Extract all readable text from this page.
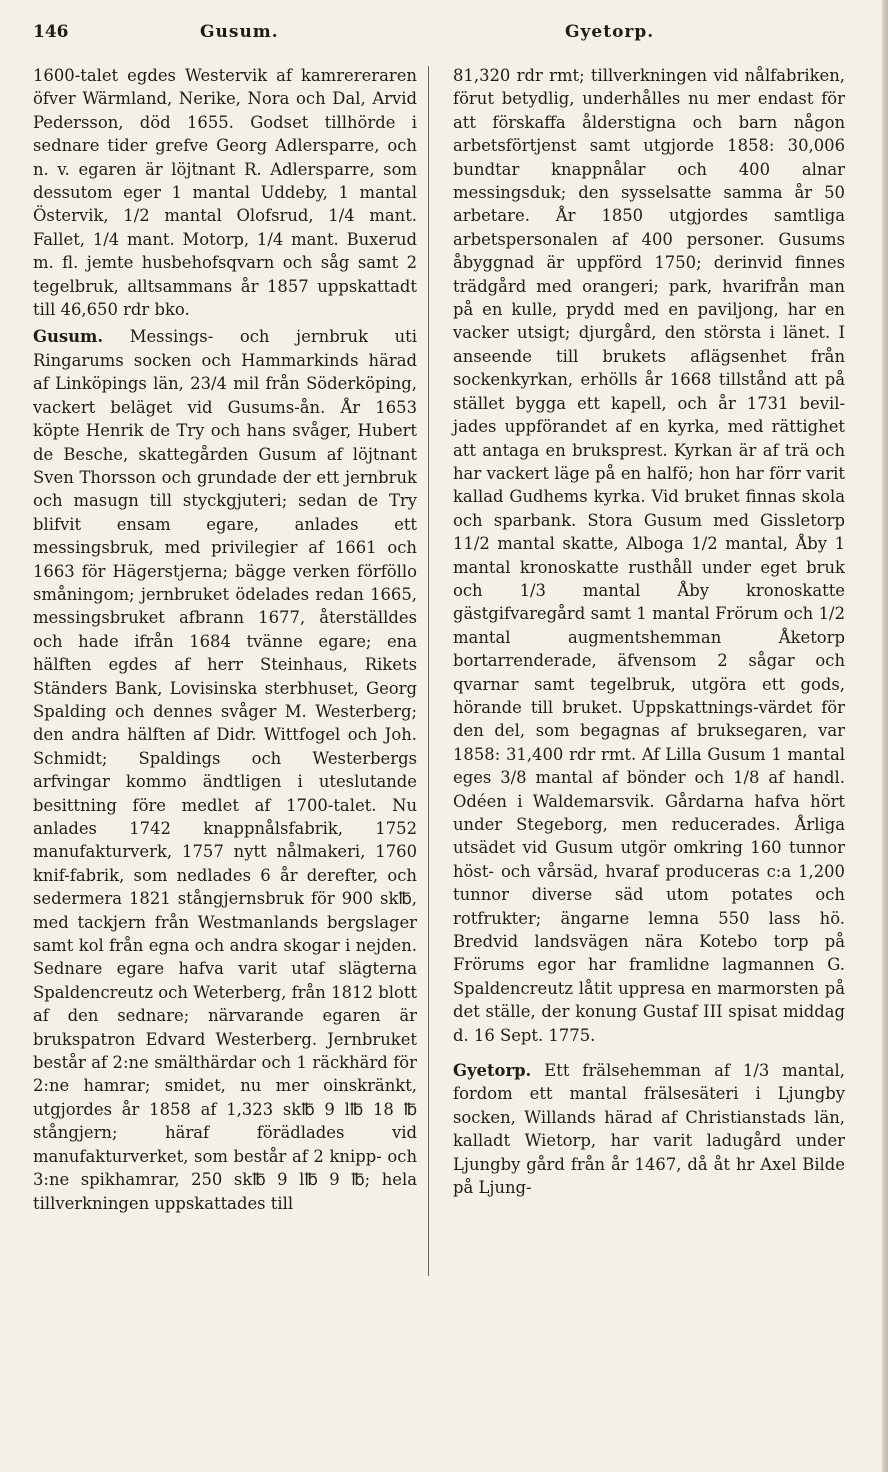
146	Gusum.	Gyetorp.

1600-talet egdes Westervik af kamrereraren öfver Wärmland, Nerike, Nora och Dal, Arvid Pedersson, död 1655. Godset tillhörde i sednare tider grefve Georg Adlersparre, och n. v. egaren är löjtnant R. Adlersparre, som dessutom eger 1 mantal Uddeby, 1 mantal Östervik, 1/2 mantal Olofsrud, 1/4 mant. Fallet, 1/4 mant. Motorp, 1/4 mant. Buxerud m. fl. jemte husbehofsqvarn och såg samt 2 tegelbruk, alltsammans år 1857 uppskattadt till 46,650 rdr bko.

Gusum. Messings- och jernbruk uti Ringarums socken och Hammarkinds härad af Linköpings län, 23/4 mil från Söderköping, vackert beläget vid Gusums-ån. År 1653 köpte Henrik de Try och hans svåger, Hubert de Besche, skattegården Gusum af löjtnant Sven Thorsson och grundade der ett jernbruk och masugn till styckgjuteri; sedan de Try blifvit ensam egare, anlades ett messingsbruk, med privilegier af 1661 och 1663 för Hägerstjerna; bägge verken förföllo småningom; jernbruket ödelades redan 1665, messingsbruket afbrann 1677, återställdes och hade ifrån 1684 tvänne egare; ena hälften egdes af herr Steinhaus, Rikets Ständers Bank, Lovisinska sterbhuset, Georg Spalding och dennes svåger M. Westerberg; den andra hälften af Didr. Wittfogel och Joh. Schmidt; Spaldings och Westerbergs arfvingar kommo ändtligen i uteslutande besittning före medlet af 1700-talet. Nu anlades 1742 knappnålsfabrik, 1752 manufakturverk, 1757 nytt nålmakeri, 1760 knif-fabrik, som nedlades 6 år derefter, och sedermera 1821 stångjernsbruk för 900 sk℔, med tackjern från Westmanlands bergslager samt kol från egna och andra skogar i nejden. Sednare egare hafva varit utaf slägterna Spaldencreutz och Weterberg, från 1812 blott af den sednare; närvarande egaren är brukspatron Edvard Westerberg. Jernbruket består af 2:ne smälthärdar och 1 räckhärd för 2:ne hamrar; smidet, nu mer oinskränkt, utgjordes år 1858 af 1,323 sk℔ 9 l℔ 18 ℔ stångjern; häraf förädlades vid manufakturverket, som består af 2 knipp- och 3:ne spikhamrar, 250 sk℔ 9 l℔ 9 ℔; hela tillverkningen uppskattades till

81,320 rdr rmt; tillverkningen vid nålfabriken, förut betydlig, underhålles nu mer endast för att förskaffa ålderstigna och barn någon arbetsförtjenst samt utgjorde 1858: 30,006 bundtar knappnålar och 400 alnar messingsduk; den sysselsatte samma år 50 arbetare. År 1850 utgjordes samtliga arbetspersonalen af 400 personer. Gusums åbyggnad är uppförd 1750; derinvid finnes trädgård med orangeri; park, hvarifrån man på en kulle, prydd med en paviljong, har en vacker utsigt; djurgård, den största i länet. I anseende till brukets aflägsenhet från sockenkyrkan, erhölls år 1668 tillstånd att på stället bygga ett kapell, och år 1731 bevil-jades uppförandet af en kyrka, med rättighet att antaga en bruksprest. Kyrkan är af trä och har vackert läge på en halfö; hon har förr varit kallad Gudhems kyrka. Vid bruket finnas skola och sparbank. Stora Gusum med Gissletorp 11/2 mantal skatte, Alboga 1/2 mantal, Åby 1 mantal kronoskatte rusthåll under eget bruk och 1/3 mantal Åby kronoskatte gästgifvaregård samt 1 mantal Frörum och 1/2 mantal augmentshemman Åketorp bortarrenderade, äfvensom 2 sågar och qvarnar samt tegelbruk, utgöra ett gods, hörande till bruket. Uppskattnings-värdet för den del, som begagnas af bruksegaren, var 1858: 31,400 rdr rmt. Af Lilla Gusum 1 mantal eges 3/8 mantal af bönder och 1/8 af handl. Odéen i Waldemarsvik. Gårdarna hafva hört under Stegeborg, men reducerades. Årliga utsädet vid Gusum utgör omkring 160 tunnor höst- och vårsäd, hvaraf produceras c:a 1,200 tunnor diverse säd utom potates och rotfrukter; ängarne lemna 550 lass hö. Bredvid landsvägen nära Kotebo torp på Frörums egor har framlidne lagmannen G. Spaldencreutz låtit uppresa en marmorsten på det ställe, der konung Gustaf III spisat middag d. 16 Sept. 1775.

Gyetorp. Ett frälsehemman af 1/3 mantal, fordom ett mantal frälsesäteri i Ljungby socken, Willands härad af Christianstads län, kalladt Wietorp, har varit ladugård under Ljungby gård från år 1467, då åt hr Axel Bilde på Ljung-
